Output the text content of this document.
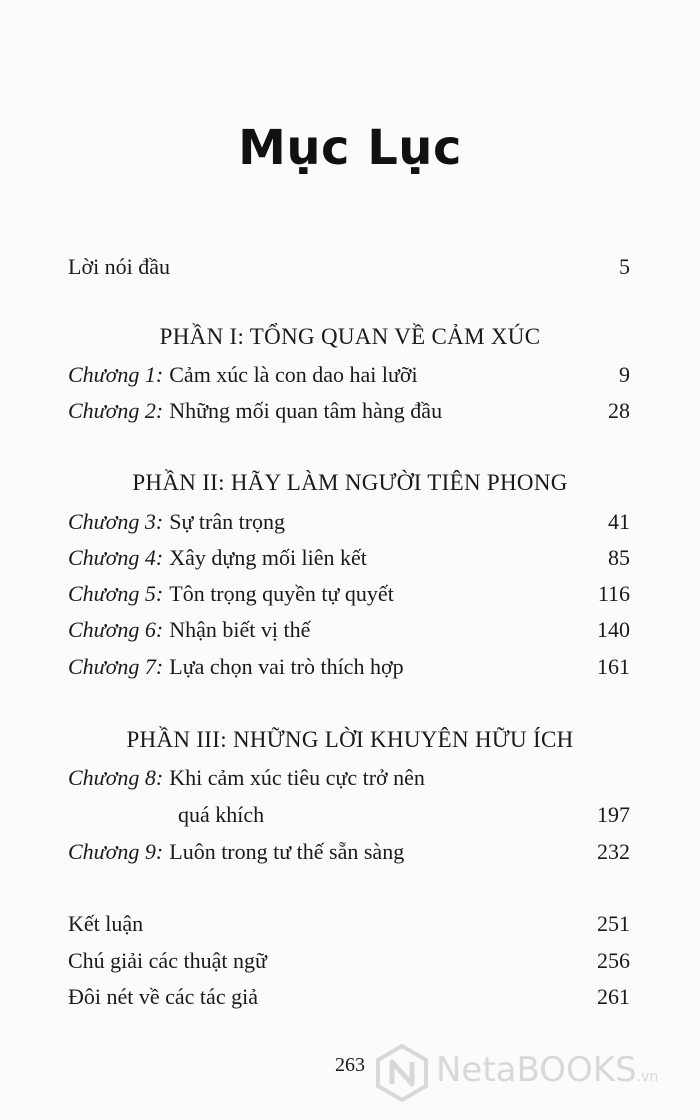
Mục Lục
Lời nói đầu	5
PHẦN I: TỔNG QUAN VỀ CẢM XÚC
Chương 1: Cảm xúc là con dao hai lưỡi	9
Chương 2: Những mối quan tâm hàng đầu	28
PHẦN II: HÃY LÀM NGƯỜI TIÊN PHONG
Chương 3: Sự trân trọng	41
Chương 4: Xây dựng mối liên kết	85
Chương 5: Tôn trọng quyền tự quyết	116
Chương 6: Nhận biết vị thế	140
Chương 7: Lựa chọn vai trò thích hợp	161
PHẦN III: NHỮNG LỜI KHUYÊN HỮU ÍCH
Chương 8: Khi cảm xúc tiêu cực trở nên
quá khích	197
Chương 9: Luôn trong tư thế sẵn sàng	232
Kết luận	251
Chú giải các thuật ngữ	256
Đôi nét về các tác giả	261
263	NetaBOOKS.vn
